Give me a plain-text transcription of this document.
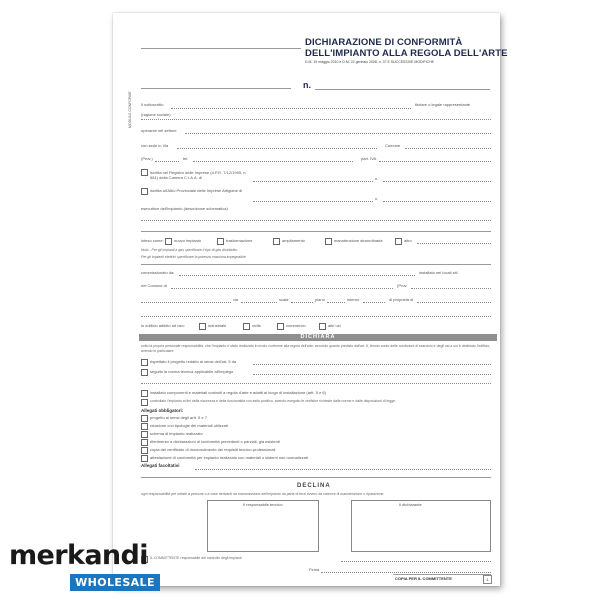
DICHIARAZIONE DI CONFORMITÀ
DELL'IMPIANTO ALLA REGOLA DELL'ARTE
D.M. 19 maggio 2010 e D.M. 22 gennaio 2008, n. 37 E SUCCESSIVE MODIFICHE
n.
MODULO CONFORME Il sottoscritto	titolare o legale rappresentante
(ragione sociale)
operante nel settore
con sede in Via	Comune
(Prov.)	tel.	part. IVA
iscritta nel Registro delle Imprese (d.P.R. 7/12/1995, n. 581) della Camera C.I.A.A. di	n.
iscritta all'Albo Provinciale delle Imprese Artigiane di
n.
esecutrice dell'impianto (descrizione schematica)
inteso come:	nuovo impianto	trasformazione	ampliamento	manutenzione straordinaria	altro
Nota - Per gli impianti a gas specificare il tipo di gas distribuito.
Per gli impianti elettrici specificare la potenza massima impegnabile.
commissionato da:	installato nei locali siti
nel Comune di	(Prov.
via	scala	piano	interno	di proprietà di
in edificio adibito ad uso:	industriale	civile	commercio	altri usi
DICHIARA
sotto la propria personale responsabilità, che l'impianto è stato realizzato in modo conforme alla regola dell'arte, secondo quanto previsto dall'art. 6, tenuto conto delle condizioni di esercizio e degli usi a cui è destinato l'edificio, avendo in particolare:
rispettato il progetto redatto ai sensi dell'art. 5 da
seguito la norma tecnica applicabile all'impiego
installato componenti e materiali costruiti a regola d'arte e adatti al luogo di installazione (artt. 5 e 6)
controllato l'impianto ai fini della sicurezza e della funzionalità con esito positivo, avendo eseguito le verifiche richieste dalle norme e dalle disposizioni di legge.
Allegati obbligatori:
progetto ai sensi degli artt. 5 e 7
relazione con tipologie dei materiali utilizzati
schema di impianto realizzato
riferimento a dichiarazioni di conformità precedenti o parziali, già esistenti
copia del certificato di riconoscimento dei requisiti tecnico-professionali
attestazione di conformità per impianto realizzato con materiali o sistemi non normalizzati
Allegati facoltativi
DECLINA
ogni responsabilità per sinistri a persone o a cose derivanti da manomissione dell'impianto da parte di terzi ovvero da carenze di manutenzione o riparazione.
Il responsabile tecnico	Il dichiarante
IL COMMITTENTE responsabile del controllo degli impianti
Firma
COPIA PER IL COMMITTENTE	1
merkandi
WHOLESALE
